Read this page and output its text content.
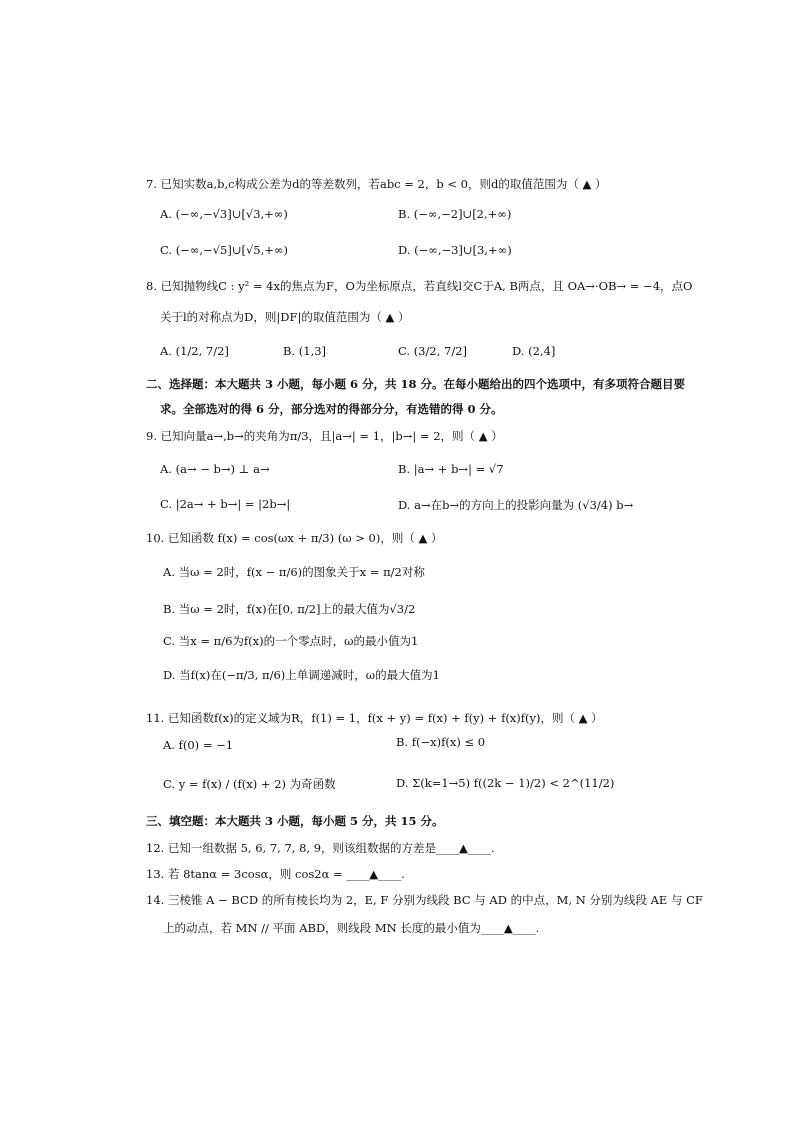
7. 已知实数a,b,c构成公差为d的等差数列，若abc = 2，b < 0，则d的取值范围为（ ▲ ）
A. (−∞,−√3]∪[√3,+∞)	B. (−∞,−2]∪[2,+∞)
C. (−∞,−√5]∪[√5,+∞)	D. (−∞,−3]∪[3,+∞)
8. 已知抛物线C : y² = 4x的焦点为F，O为坐标原点，若直线l交C于A, B两点，且 OA→·OB→ = −4，点O
关于l的对称点为D，则|DF|的取值范围为（ ▲ ）
A. (1/2, 7/2]	B. (1,3]	C. (3/2, 7/2]	D. (2,4]
二、选择题：本大题共 3 小题，每小题 6 分，共 18 分。在每小题给出的四个选项中，有多项符合题目要
求。全部选对的得 6 分，部分选对的得部分分，有选错的得 0 分。
9. 已知向量a→,b→的夹角为π/3，且|a→| = 1，|b→| = 2，则（ ▲ ）
A. (a→ − b→) ⊥ a→	B. |a→ + b→| = √7
C. |2a→ + b→| = |2b→|	D. a→在b→的方向上的投影向量为 (√3/4) b→
10. 已知函数 f(x) = cos(ωx + π/3) (ω > 0)，则（ ▲ ）
A. 当ω = 2时，f(x − π/6)的图象关于x = π/2对称
B. 当ω = 2时，f(x)在[0, π/2]上的最大值为√3/2
C. 当x = π/6为f(x)的一个零点时，ω的最小值为1
D. 当f(x)在(−π/3, π/6)上单调递减时，ω的最大值为1
11. 已知函数f(x)的定义域为R，f(1) = 1，f(x + y) = f(x) + f(y) + f(x)f(y)，则（ ▲ ）
A. f(0) = −1	B. f(−x)f(x) ≤ 0
C. y = f(x) / (f(x) + 2) 为奇函数	D. Σ(k=1→5) f((2k − 1)/2) < 2^(11/2)
三、填空题：本大题共 3 小题，每小题 5 分，共 15 分。
12. 已知一组数据 5, 6, 7, 7, 8, 9，则该组数据的方差是____▲____.
13. 若 8tanα = 3cosα，则 cos2α = ____▲____.
14. 三棱锥 A − BCD 的所有棱长均为 2，E, F 分别为线段 BC 与 AD 的中点，M, N 分别为线段 AE 与 CF
上的动点，若 MN // 平面 ABD，则线段 MN 长度的最小值为____▲____.
